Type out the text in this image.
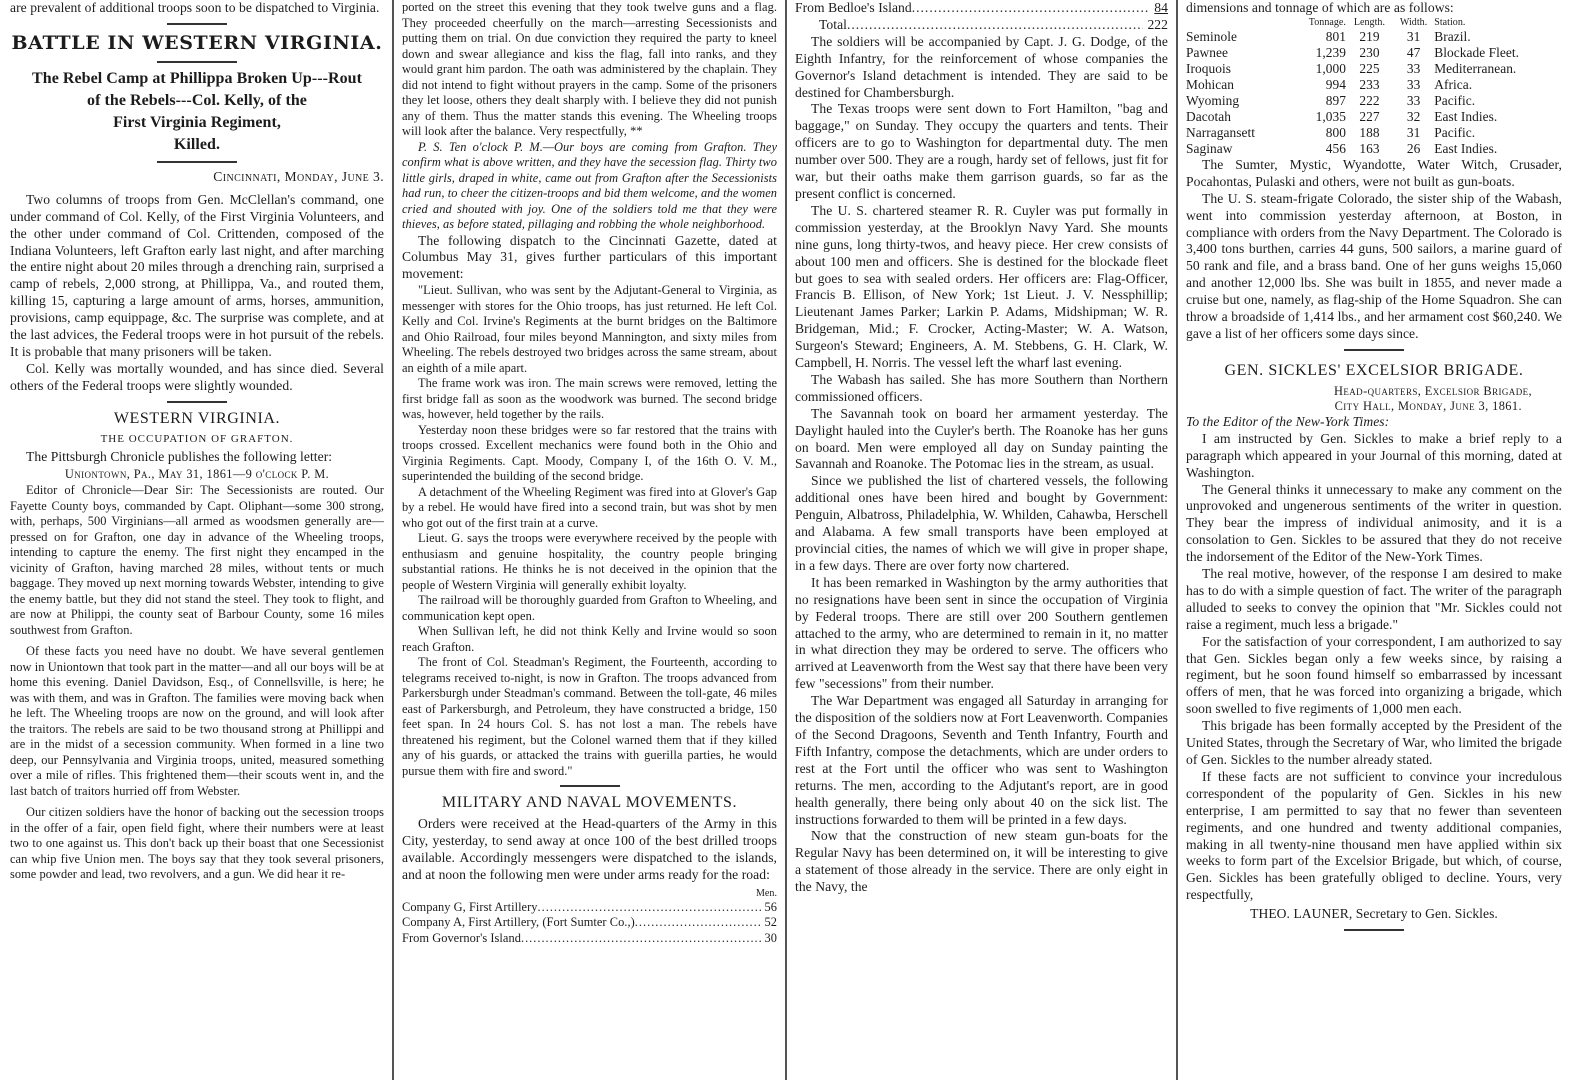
are prevalent of additional troops soon to be dispatched to Virginia.

BATTLE IN WESTERN VIRGINIA.
The Rebel Camp at Phillippa Broken Up---Rout
of the Rebels---Col. Kelly, of the
First Virginia Regiment,
Killed.
Cincinnati, Monday, June 3.

Two columns of troops from Gen. McClellan's command, one under command of Col. Kelly, of the First Virginia Volunteers, and the other under command of Col. Crittenden, composed of the Indiana Volunteers, left Grafton early last night, and after marching the entire night about 20 miles through a drenching rain, surprised a camp of rebels, 2,000 strong, at Phillippa, Va., and routed them, killing 15, capturing a large amount of arms, horses, ammunition, provisions, camp equippage, &c. The surprise was complete, and at the last advices, the Federal troops were in hot pursuit of the rebels. It is probable that many prisoners will be taken.

Col. Kelly was mortally wounded, and has since died. Several others of the Federal troops were slightly wounded.

WESTERN VIRGINIA.
THE OCCUPATION OF GRAFTON.

The Pittsburgh Chronicle publishes the following letter:

Uniontown, Pa., May 31, 1861—9 o'clock P. M.

Editor of Chronicle—Dear Sir: The Secessionists are routed. Our Fayette County boys, commanded by Capt. Oliphant—some 300 strong, with, perhaps, 500 Virginians—all armed as woodsmen generally are—pressed on for Grafton, one day in advance of the Wheeling troops, intending to capture the enemy. The first night they encamped in the vicinity of Grafton, having marched 28 miles, without tents or much baggage. They moved up next morning towards Webster, intending to give the enemy battle, but they did not stand the steel. They took to flight, and are now at Philippi, the county seat of Barbour County, some 16 miles southwest from Grafton.

Of these facts you need have no doubt. We have several gentlemen now in Uniontown that took part in the matter—and all our boys will be at home this evening. Daniel Davidson, Esq., of Connellsville, is here; he was with them, and was in Grafton. The families were moving back when he left. The Wheeling troops are now on the ground, and will look after the traitors. The rebels are said to be two thousand strong at Phillippi and are in the midst of a secession community. When formed in a line two deep, our Pennsylvania and Virginia troops, united, measured something over a mile of rifles. This frightened them—their scouts went in, and the last batch of traitors hurried off from Webster.

Our citizen soldiers have the honor of backing out the secession troops in the offer of a fair, open field fight, where their numbers were at least two to one against us. This don't back up their boast that one Secessionist can whip five Union men. The boys say that they took several prisoners, some powder and lead, two revolvers, and a gun. We did hear it re-

ported on the street this evening that they took twelve guns and a flag. They proceeded cheerfully on the march—arresting Secessionists and putting them on trial. On due conviction they required the party to kneel down and swear allegiance and kiss the flag, fall into ranks, and they would grant him pardon. The oath was administered by the chaplain. They did not intend to fight without prayers in the camp. Some of the prisoners they let loose, others they dealt sharply with. I believe they did not punish any of them. Thus the matter stands this evening. The Wheeling troops will look after the balance. Very respectfully, **

P. S. Ten o'clock P. M.—Our boys are coming from Grafton. They confirm what is above written, and they have the secession flag. Thirty two little girls, draped in white, came out from Grafton after the Secessionists had run, to cheer the citizen-troops and bid them welcome, and the women cried and shouted with joy. One of the soldiers told me that they were thieves, as before stated, pillaging and robbing the whole neighborhood.

The following dispatch to the Cincinnati Gazette, dated at Columbus May 31, gives further particulars of this important movement:

"Lieut. Sullivan, who was sent by the Adjutant-General to Virginia, as messenger with stores for the Ohio troops, has just returned. He left Col. Kelly and Col. Irvine's Regiments at the burnt bridges on the Baltimore and Ohio Railroad, four miles beyond Mannington, and sixty miles from Wheeling. The rebels destroyed two bridges across the same stream, about an eighth of a mile apart.

The frame work was iron. The main screws were removed, letting the first bridge fall as soon as the woodwork was burned. The second bridge was, however, held together by the rails.

Yesterday noon these bridges were so far restored that the trains with troops crossed. Excellent mechanics were found both in the Ohio and Virginia Regiments. Capt. Moody, Company I, of the 16th O. V. M., superintended the building of the second bridge.

A detachment of the Wheeling Regiment was fired into at Glover's Gap by a rebel. He would have fired into a second train, but was shot by men who got out of the first train at a curve.

Lieut. G. says the troops were everywhere received by the people with enthusiasm and genuine hospitality, the country people bringing substantial rations. He thinks he is not deceived in the opinion that the people of Western Virginia will generally exhibit loyalty.

The railroad will be thoroughly guarded from Grafton to Wheeling, and communication kept open.

When Sullivan left, he did not think Kelly and Irvine would so soon reach Grafton.

The front of Col. Steadman's Regiment, the Fourteenth, according to telegrams received to-night, is now in Grafton. The troops advanced from Parkersburgh under Steadman's command. Between the toll-gate, 46 miles east of Parkersburgh, and Petroleum, they have constructed a bridge, 150 feet span. In 24 hours Col. S. has not lost a man. The rebels have threatened his regiment, but the Colonel warned them that if they killed any of his guards, or attacked the trains with guerilla parties, he would pursue them with fire and sword."

MILITARY AND NAVAL MOVEMENTS.

Orders were received at the Head-quarters of the Army in this City, yesterday, to send away at once 100 of the best drilled troops available. Accordingly messengers were dispatched to the islands, and at noon the following men were under arms ready for the road:

Men.
Company G, First Artillery .....	56
Company A, First Artillery, (Fort Sumter Co.,) .....	52
From Governor's Island .....	30
From Bedloe's Island .....	84
Total .....	222

The soldiers will be accompanied by Capt. J. G. Dodge, of the Eighth Infantry, for the reinforcement of whose companies the Governor's Island detachment is intended. They are said to be destined for Chambersburgh.

The Texas troops were sent down to Fort Hamilton, "bag and baggage," on Sunday. They occupy the quarters and tents. Their officers are to go to Washington for departmental duty. The men number over 500. They are a rough, hardy set of fellows, just fit for war, but their oaths make them garrison guards, so far as the present conflict is concerned.

The U. S. chartered steamer R. R. Cuyler was put formally in commission yesterday, at the Brooklyn Navy Yard. She mounts nine guns, long thirty-twos, and heavy piece. Her crew consists of about 100 men and officers. She is destined for the blockade fleet but goes to sea with sealed orders. Her officers are: Flag-Officer, Francis B. Ellison, of New York; 1st Lieut. J. V. Nessphillip; Lieutenant James Parker; Larkin P. Adams, Midshipman; W. R. Bridgeman, Mid.; F. Crocker, Acting-Master; W. A. Watson, Surgeon's Steward; Engineers, A. M. Stebbens, G. H. Clark, W. Campbell, H. Norris. The vessel left the wharf last evening.

The Wabash has sailed. She has more Southern than Northern commissioned officers.

The Savannah took on board her armament yesterday. The Daylight hauled into the Cuyler's berth. The Roanoke has her guns on board. Men were employed all day on Sunday painting the Savannah and Roanoke. The Potomac lies in the stream, as usual.

Since we published the list of chartered vessels, the following additional ones have been hired and bought by Government: Penguin, Albatross, Philadelphia, W. Whilden, Cahawba, Herschell and Alabama. A few small transports have been employed at provincial cities, the names of which we will give in proper shape, in a few days. There are over forty now chartered.

It has been remarked in Washington by the army authorities that no resignations have been sent in since the occupation of Virginia by Federal troops. There are still over 200 Southern gentlemen attached to the army, who are determined to remain in it, no matter in what direction they may be ordered to serve. The officers who arrived at Leavenworth from the West say that there have been very few "secessions" from their number.

The War Department was engaged all Saturday in arranging for the disposition of the soldiers now at Fort Leavenworth. Companies of the Second Dragoons, Seventh and Tenth Infantry, Fourth and Fifth Infantry, compose the detachments, which are under orders to rest at the Fort until the officer who was sent to Washington returns. The men, according to the Adjutant's report, are in good health generally, there being only about 40 on the sick list. The instructions forwarded to them will be printed in a few days.

Now that the construction of new steam gun-boats for the Regular Navy has been determined on, it will be interesting to give a statement of those already in the service. There are only eight in the Navy, the

dimensions and tonnage of which are as follows:

	Tonnage.	Length.	Width.	Station.
Seminole	801	219	31	Brazil.
Pawnee	1,239	230	47	Blockade Fleet.
Iroquois	1,000	225	33	Mediterranean.
Mohican	994	233	33	Africa.
Wyoming	897	222	33	Pacific.
Dacotah	1,035	227	32	East Indies.
Narragansett	800	188	31	Pacific.
Saginaw	456	163	26	East Indies.

The Sumter, Mystic, Wyandotte, Water Witch, Crusader, Pocahontas, Pulaski and others, were not built as gun-boats.

The U. S. steam-frigate Colorado, the sister ship of the Wabash, went into commission yesterday afternoon, at Boston, in compliance with orders from the Navy Department. The Colorado is 3,400 tons burthen, carries 44 guns, 500 sailors, a marine guard of 50 rank and file, and a brass band. One of her guns weighs 15,060 and another 12,000 lbs. She was built in 1855, and never made a cruise but one, namely, as flag-ship of the Home Squadron. She can throw a broadside of 1,414 lbs., and her armament cost $60,240. We gave a list of her officers some days since.

GEN. SICKLES' EXCELSIOR BRIGADE.
Head-quarters, Excelsior Brigade,
City Hall, Monday, June 3, 1861.

To the Editor of the New-York Times:

I am instructed by Gen. Sickles to make a brief reply to a paragraph which appeared in your Journal of this morning, dated at Washington.

The General thinks it unnecessary to make any comment on the unprovoked and ungenerous sentiments of the writer in question. They bear the impress of individual animosity, and it is a consolation to Gen. Sickles to be assured that they do not receive the indorsement of the Editor of the New-York Times.

The real motive, however, of the response I am desired to make has to do with a simple question of fact. The writer of the paragraph alluded to seeks to convey the opinion that "Mr. Sickles could not raise a regiment, much less a brigade."

For the satisfaction of your correspondent, I am authorized to say that Gen. Sickles began only a few weeks since, by raising a regiment, but he soon found himself so embarrassed by incessant offers of men, that he was forced into organizing a brigade, which soon swelled to five regiments of 1,000 men each.

This brigade has been formally accepted by the President of the United States, through the Secretary of War, who limited the brigade of Gen. Sickles to the number already stated.

If these facts are not sufficient to convince your incredulous correspondent of the popularity of Gen. Sickles in his new enterprise, I am permitted to say that no fewer than seventeen regiments, and one hundred and twenty additional companies, making in all twenty-nine thousand men have applied within six weeks to form part of the Excelsior Brigade, but which, of course, Gen. Sickles has been gratefully obliged to decline. Yours, very respectfully,

THEO. LAUNER, Secretary to Gen. Sickles.
